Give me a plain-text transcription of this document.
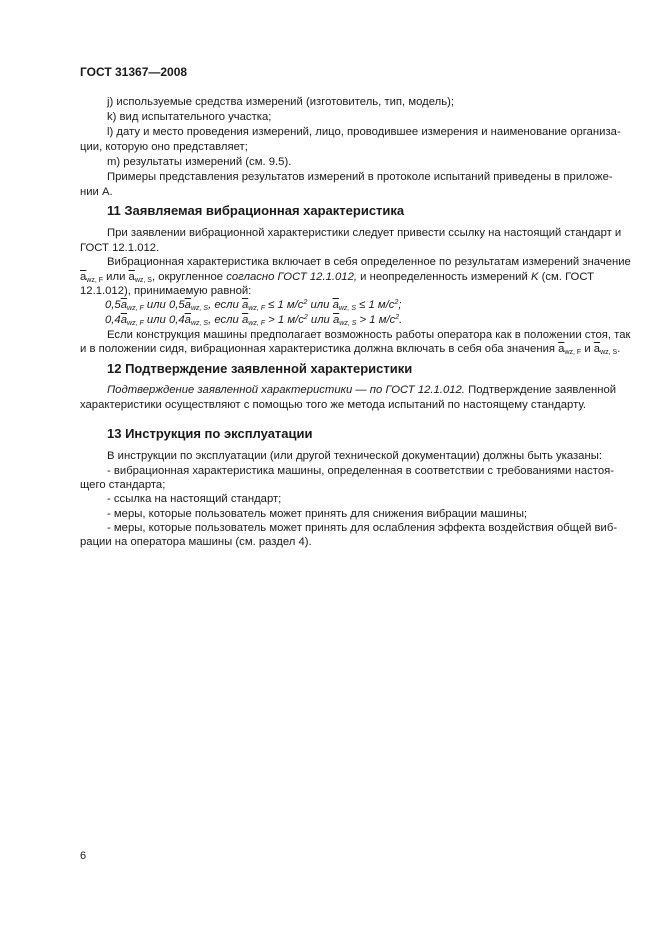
ГОСТ 31367—2008
j) используемые средства измерений (изготовитель, тип, модель);
k) вид испытательного участка;
l) дату и место проведения измерений, лицо, проводившее измерения и наименование организа-
ции, которую оно представляет;
m) результаты измерений (см. 9.5).
Примеры представления результатов измерений в протоколе испытаний приведены в приложе-
нии А.
11 Заявляемая вибрационная характеристика
При заявлении вибрационной характеристики следует привести ссылку на настоящий стандарт и
ГОСТ 12.1.012.
Вибрационная характеристика включает в себя определенное по результатам измерений значение
$\overline{a}_{wz, F}$ или $\overline{a}_{wz, S}$, округленное согласно ГОСТ 12.1.012, и неопределенность измерений K (см. ГОСТ
12.1.012), принимаемую равной:
$0,5\overline{a}_{wz, F}$ или $0,5\overline{a}_{wz, S}$, если $\overline{a}_{wz, F} \le 1$ $м/с^2$ или $\overline{a}_{wz, S} \le 1$ $м/с^2$;
$0,4\overline{a}_{wz, F}$ или $0,4\overline{a}_{wz, S}$, если $\overline{a}_{wz, F} > 1$ $м/с^2$ или $\overline{a}_{wz, S} > 1$ $м/с^2$.
Если конструкция машины предполагает возможность работы оператора как в положении стоя, так
и в положении сидя, вибрационная характеристика должна включать в себя оба значения $\overline{a}_{wz, F}$ и $\overline{a}_{wz, S}$.
12 Подтверждение заявленной характеристики
Подтверждение заявленной характеристики — по ГОСТ 12.1.012. Подтверждение заявленной
характеристики осуществляют с помощью того же метода испытаний по настоящему стандарту.
13 Инструкция по эксплуатации
В инструкции по эксплуатации (или другой технической документации) должны быть указаны:
- вибрационная характеристика машины, определенная в соответствии с требованиями настоя-
щего стандарта;
- ссылка на настоящий стандарт;
- меры, которые пользователь может принять для снижения вибрации машины;
- меры, которые пользователь может принять для ослабления эффекта воздействия общей виб-
рации на оператора машины (см. раздел 4).
6
